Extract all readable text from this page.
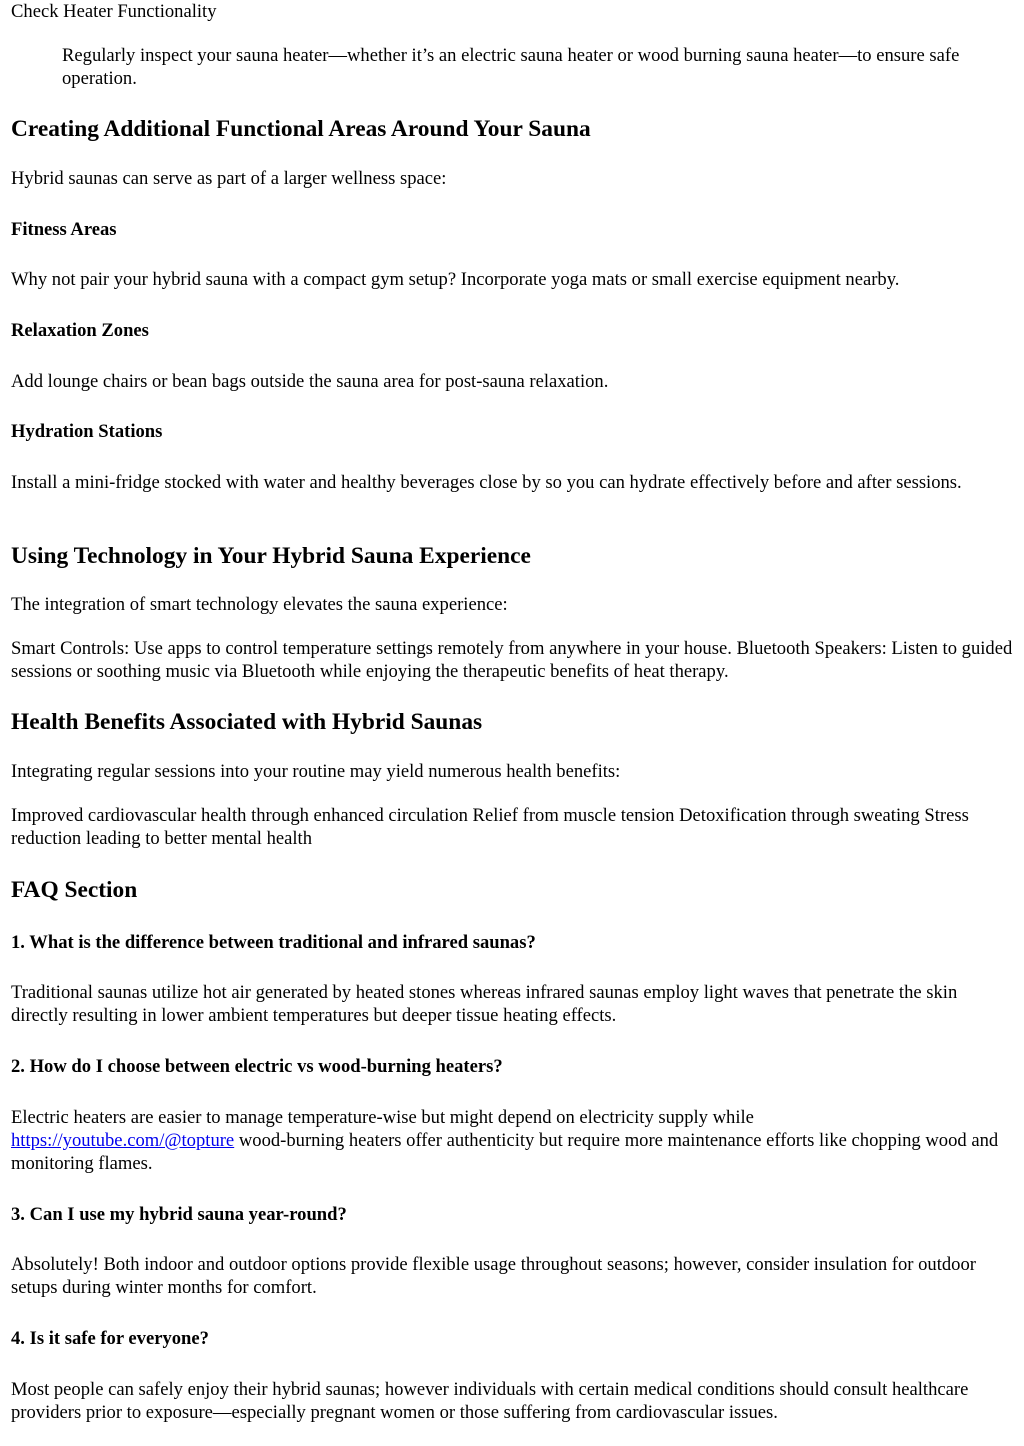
Check Heater Functionality

Regularly inspect your sauna heater—whether it’s an electric sauna heater or wood burning sauna heater—to ensure safe operation.

Creating Additional Functional Areas Around Your Sauna

Hybrid saunas can serve as part of a larger wellness space:

Fitness Areas

Why not pair your hybrid sauna with a compact gym setup? Incorporate yoga mats or small exercise equipment nearby.

Relaxation Zones

Add lounge chairs or bean bags outside the sauna area for post-sauna relaxation.

Hydration Stations

Install a mini-fridge stocked with water and healthy beverages close by so you can hydrate effectively before and after sessions.

Using Technology in Your Hybrid Sauna Experience

The integration of smart technology elevates the sauna experience:

Smart Controls: Use apps to control temperature settings remotely from anywhere in your house. Bluetooth Speakers: Listen to guided sessions or soothing music via Bluetooth while enjoying the therapeutic benefits of heat therapy.

Health Benefits Associated with Hybrid Saunas

Integrating regular sessions into your routine may yield numerous health benefits:

Improved cardiovascular health through enhanced circulation Relief from muscle tension Detoxification through sweating Stress reduction leading to better mental health

FAQ Section
1. What is the difference between traditional and infrared saunas?

Traditional saunas utilize hot air generated by heated stones whereas infrared saunas employ light waves that penetrate the skin directly resulting in lower ambient temperatures but deeper tissue heating effects.

2. How do I choose between electric vs wood-burning heaters?

Electric heaters are easier to manage temperature-wise but might depend on electricity supply while
https://youtube.com/@topture wood-burning heaters offer authenticity but require more maintenance efforts like chopping wood and monitoring flames.

3. Can I use my hybrid sauna year-round?

Absolutely! Both indoor and outdoor options provide flexible usage throughout seasons; however, consider insulation for outdoor setups during winter months for comfort.

4. Is it safe for everyone?

Most people can safely enjoy their hybrid saunas; however individuals with certain medical conditions should consult healthcare providers prior to exposure—especially pregnant women or those suffering from cardiovascular issues.
